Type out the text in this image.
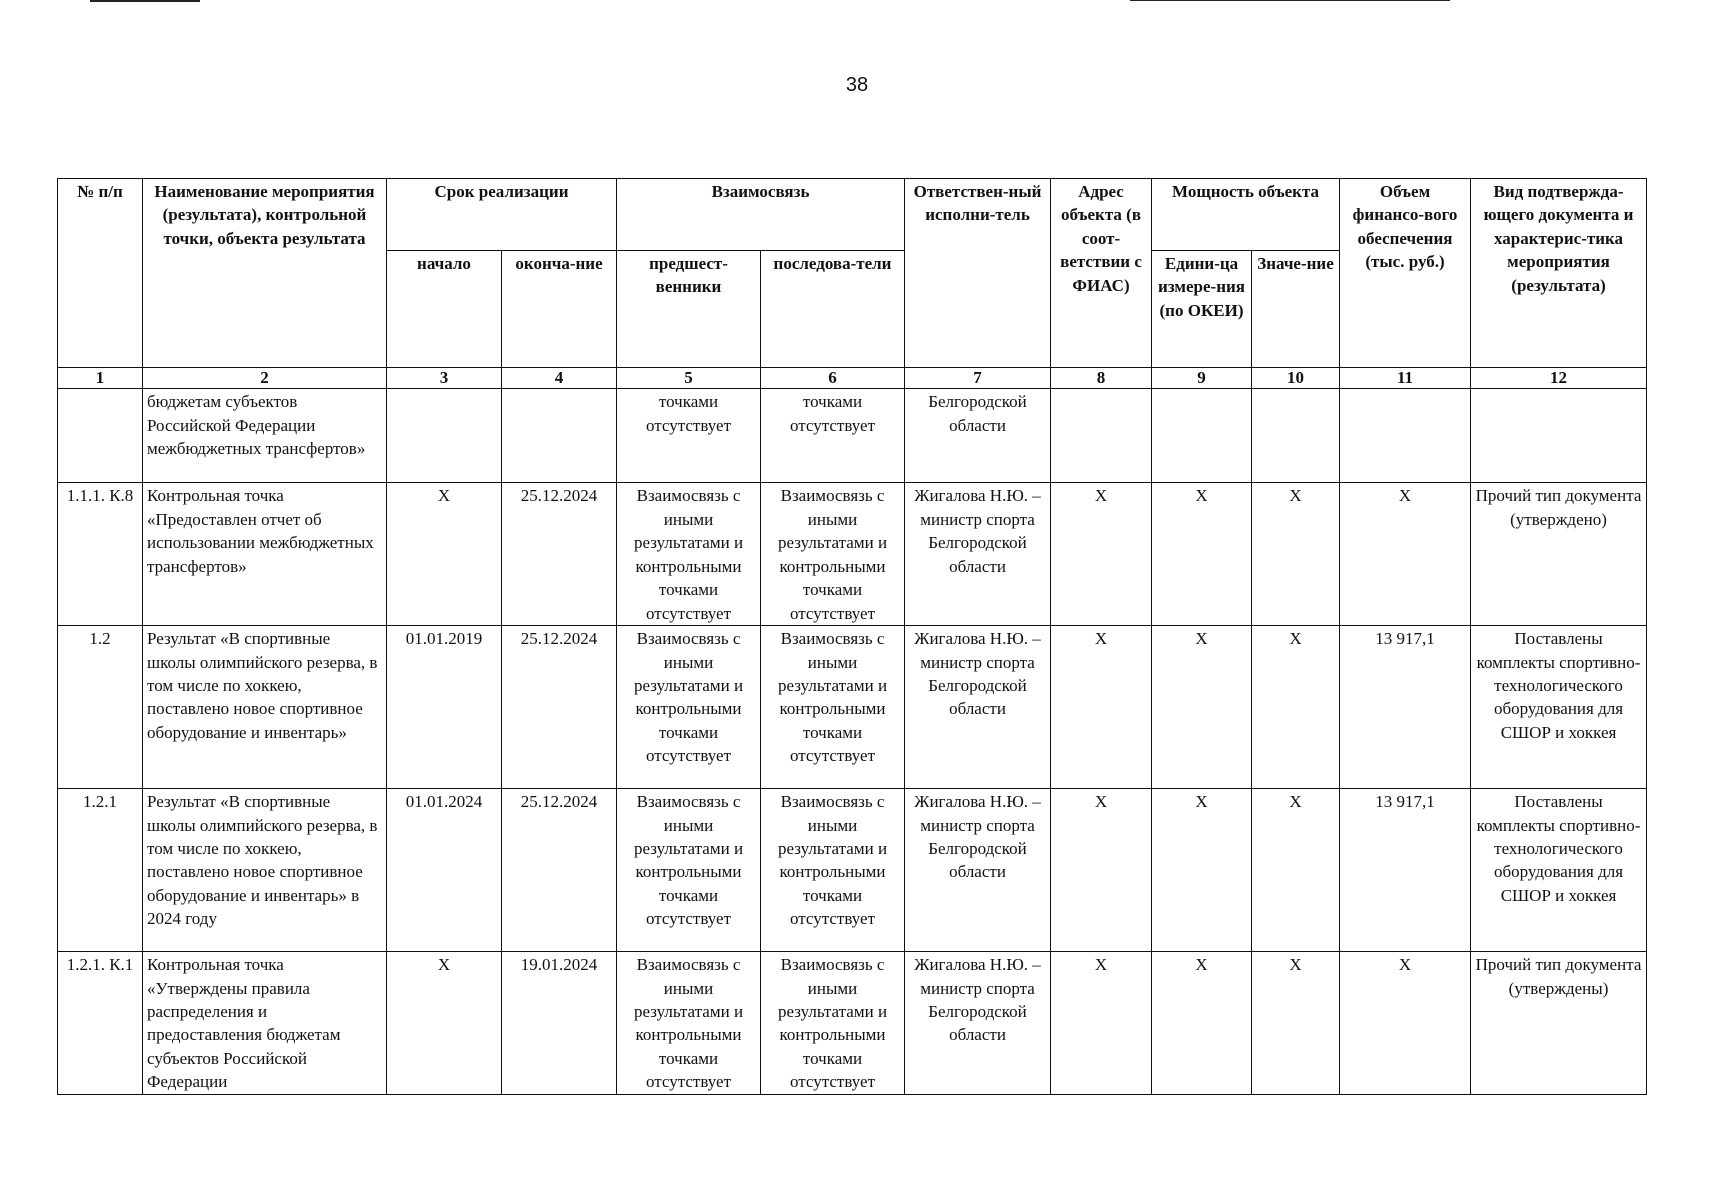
38
№ п/п	Наименование мероприятия (результата), контрольной точки, объекта результата	Срок реализации		Взаимосвязь		Ответствен-ный исполни-тель	Адрес объекта (в соот-ветствии с ФИАС)	Мощность объекта		Объем финансо-вого обеспечения (тыс. руб.)	Вид подтвержда-ющего документа и характерис-тика мероприятия (результата)
		начало	оконча-ние	предшест-венники	последова-тели			Едини-ца измере-ния (по ОКЕИ)	Значе-ние		
1	2	3	4	5	6	7	8	9	10	11	12
	бюджетам субъектов Российской Федерации межбюджетных трансфертов»			точками отсутствует	точками отсутствует	Белгородской области					
1.1.1. К.8	Контрольная точка «Предоставлен отчет об использовании межбюджетных трансфертов»	X	25.12.2024	Взаимосвязь с иными результатами и контрольными точками отсутствует	Взаимосвязь с иными результатами и контрольными точками отсутствует	Жигалова Н.Ю. – министр спорта Белгородской области	X	X	X	X	Прочий тип документа (утверждено)
1.2	Результат «В спортивные школы олимпийского резерва, в том числе по хоккею, поставлено новое спортивное оборудование и инвентарь»	01.01.2019	25.12.2024	Взаимосвязь с иными результатами и контрольными точками отсутствует	Взаимосвязь с иными результатами и контрольными точками отсутствует	Жигалова Н.Ю. – министр спорта Белгородской области	X	X	X	13 917,1	Поставлены комплекты спортивно-технологического оборудования для СШОР и хоккея
1.2.1	Результат «В спортивные школы олимпийского резерва, в том числе по хоккею, поставлено новое спортивное оборудование и инвентарь» в 2024 году	01.01.2024	25.12.2024	Взаимосвязь с иными результатами и контрольными точками отсутствует	Взаимосвязь с иными результатами и контрольными точками отсутствует	Жигалова Н.Ю. – министр спорта Белгородской области	X	X	X	13 917,1	Поставлены комплекты спортивно-технологического оборудования для СШОР и хоккея
1.2.1. К.1	Контрольная точка «Утверждены правила распределения и предоставления бюджетам субъектов Российской Федерации	X	19.01.2024	Взаимосвязь с иными результатами и контрольными точками отсутствует	Взаимосвязь с иными результатами и контрольными точками отсутствует	Жигалова Н.Ю. – министр спорта Белгородской области	X	X	X	X	Прочий тип документа (утверждены)
